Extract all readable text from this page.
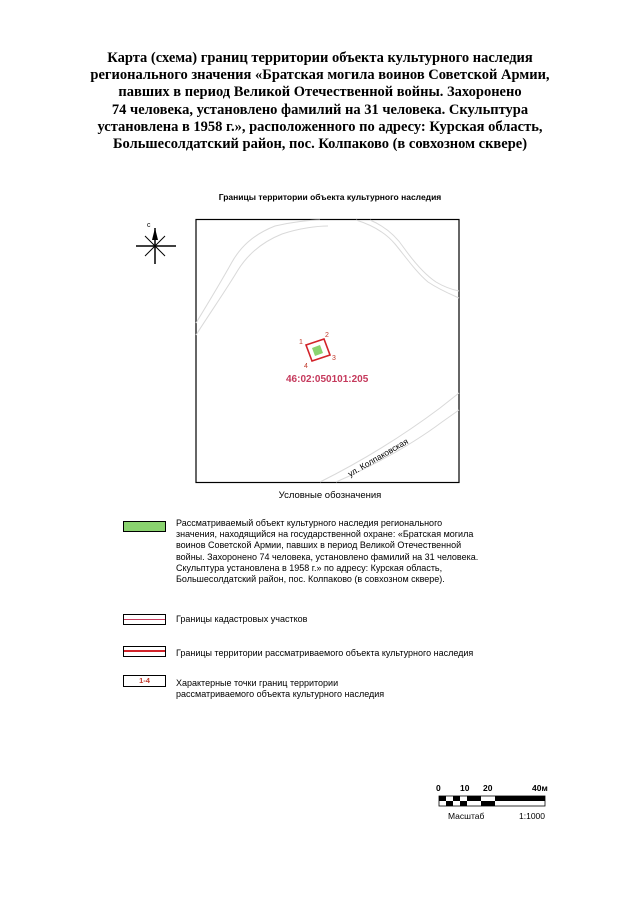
Карта (схема) границ территории объекта культурного наследия
регионального значения «Братская могила воинов Советской Армии,
павших в период Великой Отечественной войны. Захоронено
74 человека, установлено фамилий на 31 человека. Скульптура
установлена в 1958 г.», расположенного по адресу: Курская область,
Большесолдатский район, пос. Колпаково (в совхозном сквере)
Границы территории объекта культурного наследия
с
1
2
3
4
46:02:050101:205
ул. Колпаковская
Условные обозначения
Рассматриваемый объект культурного наследия регионального
значения, находящийся на государственной охране: «Братская могила
воинов Советской Армии, павших в период Великой Отечественной
войны. Захоронено 74 человека, установлено фамилий на 31 человека.
Скульптура установлена в 1958 г.» по адресу: Курская область,
Большесолдатский район, пос. Колпаково (в совхозном сквере).
Границы кадастровых участков
Границы территории рассматриваемого объекта культурного наследия
1-4	Характерные точки границ территории
рассматриваемого объекта культурного наследия
0 10 20	40м
Масштаб	1:1000
